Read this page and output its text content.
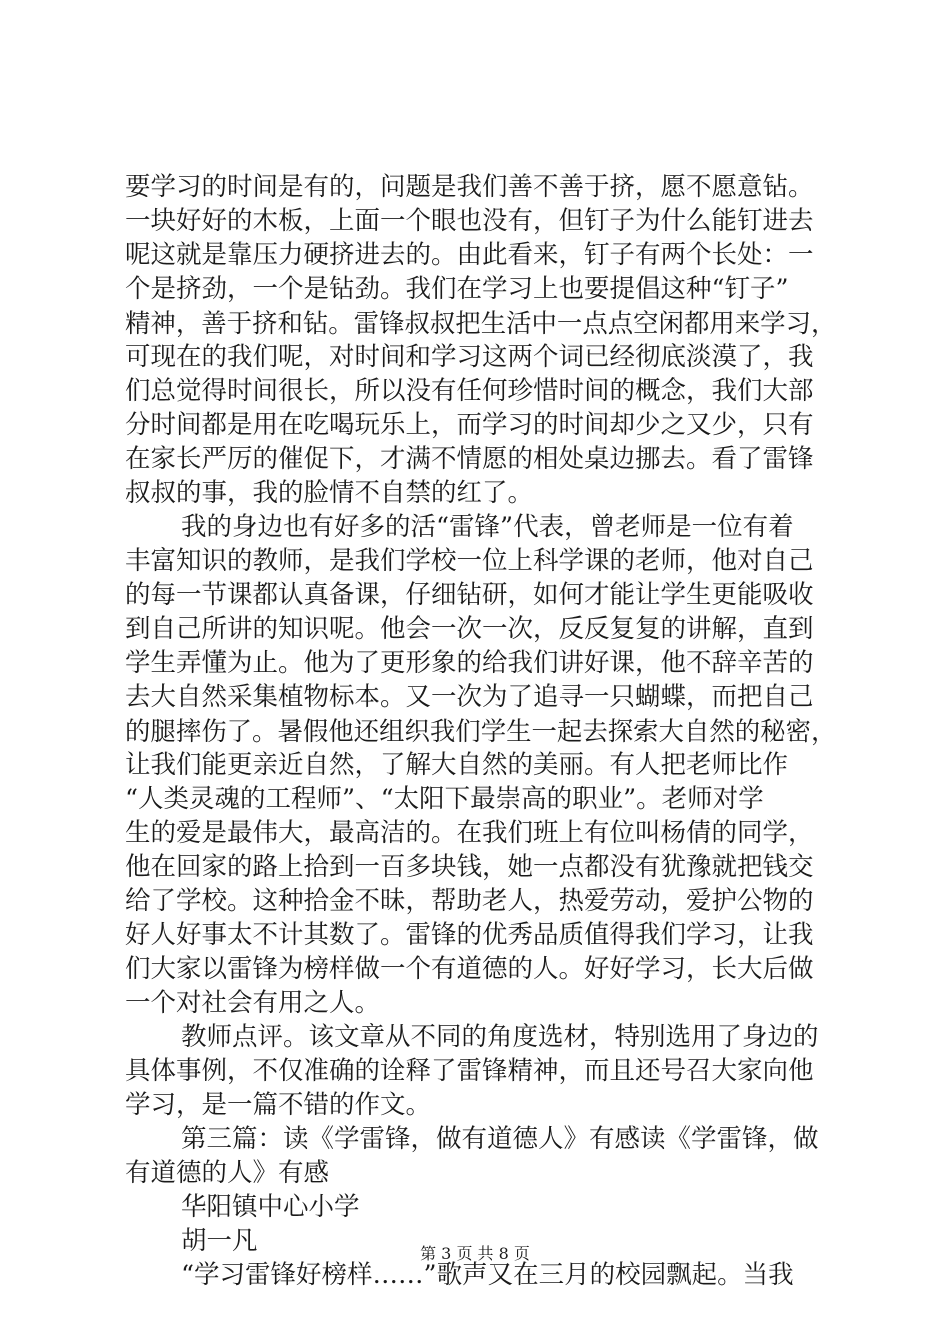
要学习的时间是有的，问题是我们善不善于挤，愿不愿意钻。
一块好好的木板，上面一个眼也没有，但钉子为什么能钉进去
呢这就是靠压力硬挤进去的。由此看来，钉子有两个长处：一
个是挤劲，一个是钻劲。我们在学习上也要提倡这种“钉子”
精神，善于挤和钻。雷锋叔叔把生活中一点点空闲都用来学习，
可现在的我们呢，对时间和学习这两个词已经彻底淡漠了，我
们总觉得时间很长，所以没有任何珍惜时间的概念，我们大部
分时间都是用在吃喝玩乐上，而学习的时间却少之又少，只有
在家长严厉的催促下，才满不情愿的相处桌边挪去。看了雷锋
叔叔的事，我的脸情不自禁的红了。
我的身边也有好多的活“雷锋”代表，曾老师是一位有着
丰富知识的教师，是我们学校一位上科学课的老师，他对自己
的每一节课都认真备课，仔细钻研，如何才能让学生更能吸收
到自己所讲的知识呢。他会一次一次，反反复复的讲解，直到
学生弄懂为止。他为了更形象的给我们讲好课，他不辞辛苦的
去大自然采集植物标本。又一次为了追寻一只蝴蝶，而把自己
的腿摔伤了。暑假他还组织我们学生一起去探索大自然的秘密，
让我们能更亲近自然，了解大自然的美丽。有人把老师比作
“人类灵魂的工程师”、“太阳下最崇高的职业”。老师对学
生的爱是最伟大，最高洁的。在我们班上有位叫杨倩的同学，
他在回家的路上拾到一百多块钱，她一点都没有犹豫就把钱交
给了学校。这种拾金不昧，帮助老人，热爱劳动，爱护公物的
好人好事太不计其数了。雷锋的优秀品质值得我们学习，让我
们大家以雷锋为榜样做一个有道德的人。好好学习，长大后做
一个对社会有用之人。
教师点评。该文章从不同的角度选材，特别选用了身边的
具体事例，不仅准确的诠释了雷锋精神，而且还号召大家向他
学习，是一篇不错的作文。
第三篇：读《学雷锋，做有道德人》有感读《学雷锋，做
有道德的人》有感
华阳镇中心小学
胡一凡
“学习雷锋好榜样……”歌声又在三月的校园飘起。当我
第 3 页 共 8 页
